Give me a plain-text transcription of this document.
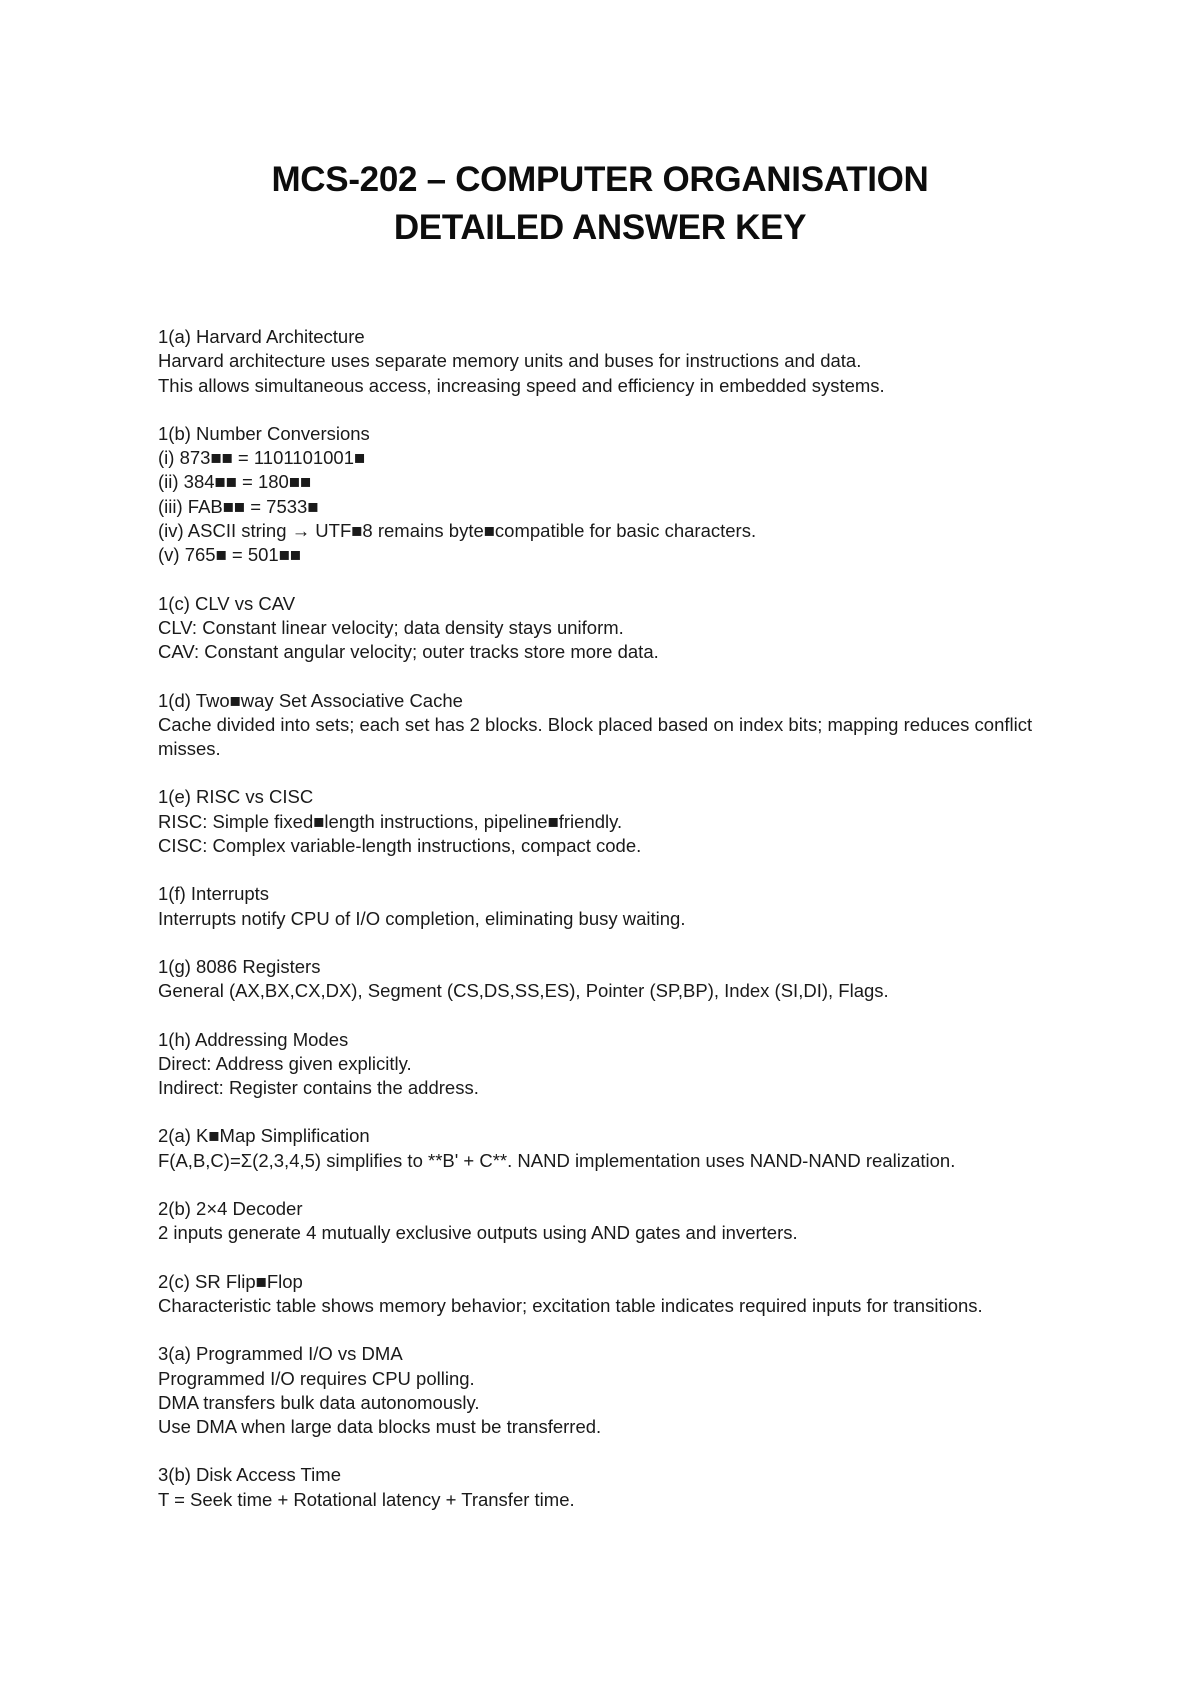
MCS-202 – COMPUTER ORGANISATION
DETAILED ANSWER KEY
1(a) Harvard Architecture
Harvard architecture uses separate memory units and buses for instructions and data.
This allows simultaneous access, increasing speed and efficiency in embedded systems.
1(b) Number Conversions
(i) 873■■ = 1101101001■
(ii) 384■■ = 180■■
(iii) FAB■■ = 7533■
(iv) ASCII string → UTF■8 remains byte■compatible for basic characters.
(v) 765■ = 501■■
1(c) CLV vs CAV
CLV: Constant linear velocity; data density stays uniform.
CAV: Constant angular velocity; outer tracks store more data.
1(d) Two■way Set Associative Cache
Cache divided into sets; each set has 2 blocks. Block placed based on index bits; mapping reduces conflict misses.
1(e) RISC vs CISC
RISC: Simple fixed■length instructions, pipeline■friendly.
CISC: Complex variable-length instructions, compact code.
1(f) Interrupts
Interrupts notify CPU of I/O completion, eliminating busy waiting.
1(g) 8086 Registers
General (AX,BX,CX,DX), Segment (CS,DS,SS,ES), Pointer (SP,BP), Index (SI,DI), Flags.
1(h) Addressing Modes
Direct: Address given explicitly.
Indirect: Register contains the address.
2(a) K■Map Simplification
F(A,B,C)=Σ(2,3,4,5) simplifies to **B' + C**. NAND implementation uses NAND-NAND realization.
2(b) 2×4 Decoder
2 inputs generate 4 mutually exclusive outputs using AND gates and inverters.
2(c) SR Flip■Flop
Characteristic table shows memory behavior; excitation table indicates required inputs for transitions.
3(a) Programmed I/O vs DMA
Programmed I/O requires CPU polling.
DMA transfers bulk data autonomously.
Use DMA when large data blocks must be transferred.
3(b) Disk Access Time
T = Seek time + Rotational latency + Transfer time.
